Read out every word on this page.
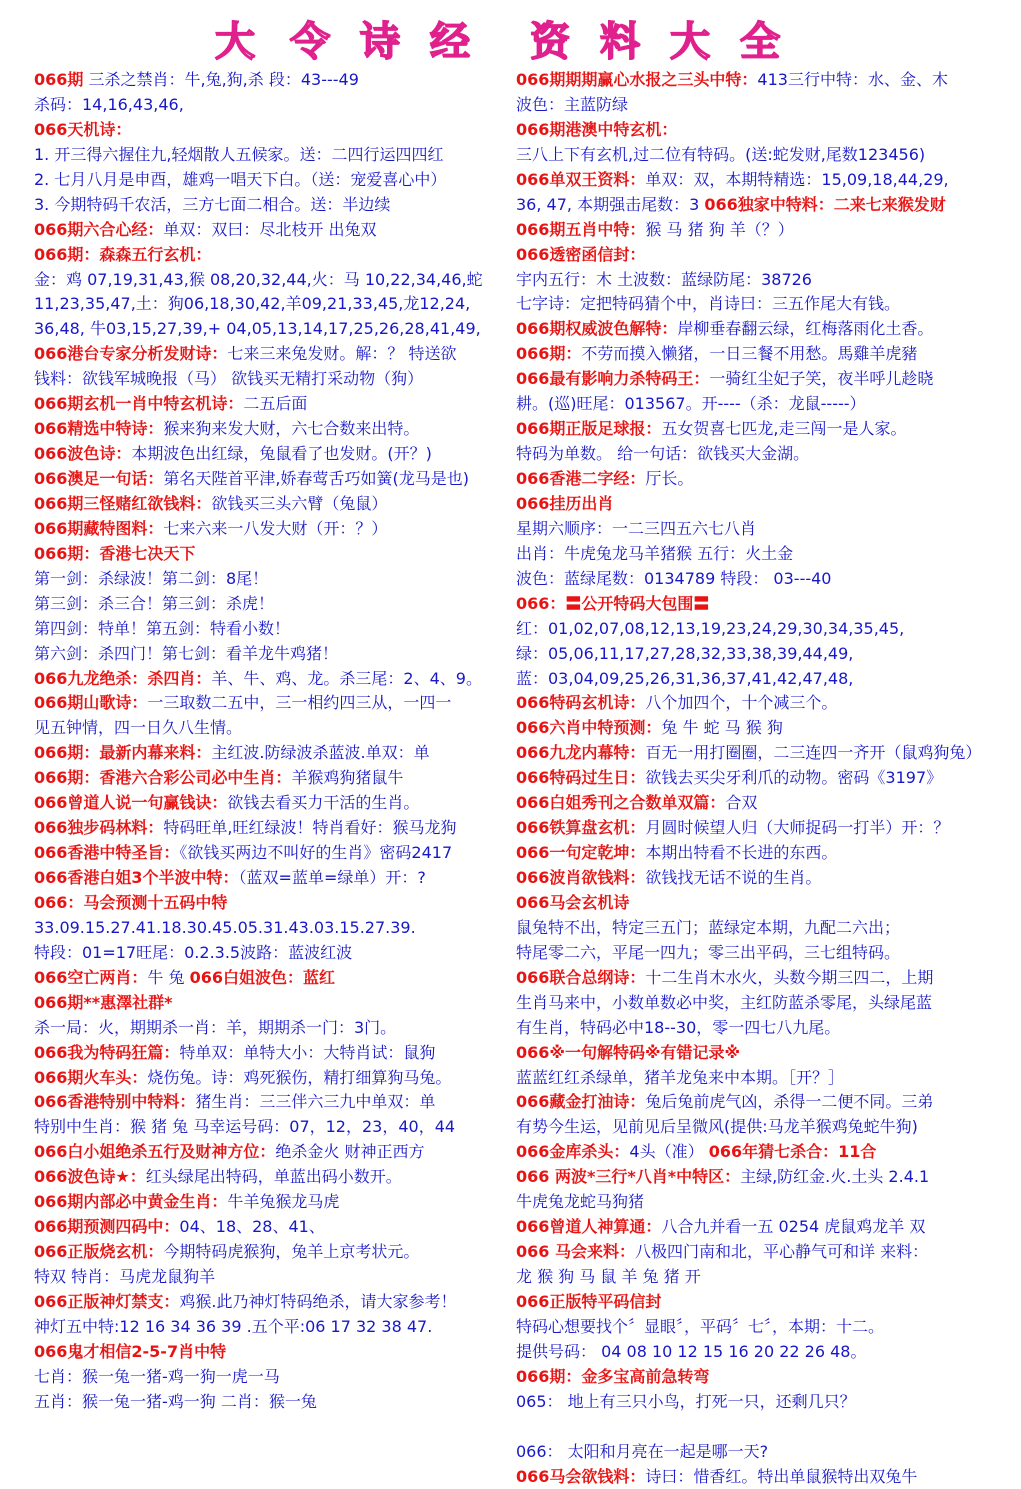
大 令 诗 经 资 料 大 全
066期 三杀之禁肖：牛,兔,狗,杀 段：43---49
杀码：14,16,43,46,
066天机诗：
1. 开三得六握住九,轻烟散人五候家。送：二四行运四四红
2. 七月八月是申酉，雄鸡一唱天下白。（送：宠爱喜心中）
3. 今期特码千农活，三方七面二相合。送：半边续
066期六合心经：单双：双曰：尽北枝开 出兔双
066期：森森五行玄机：
金：鸡 07,19,31,43,猴 08,20,32,44,火：马 10,22,34,46,蛇
11,23,35,47,土：狗06,18,30,42,羊09,21,33,45,龙12,24,
36,48, 牛03,15,27,39,+ 04,05,13,14,17,25,26,28,41,49,
066港台专家分析发财诗：七来三来兔发财。解：？ 特送欲
钱料：欲钱军城晚报（马） 欲钱买无精打采动物（狗）
066期玄机一肖中特玄机诗：二五后面
066精选中特诗：猴来狗来发大财，六七合数来出特。
066波色诗：本期波色出红绿，兔鼠看了也发财。(开？)
066澳足一句话：第名天陛首平津,娇春莺舌巧如簧(龙马是也)
066期三怪赌红欲钱料：欲钱买三头六臂（兔鼠）
066期藏特图料：七来六来一八发大财（开：？）
066期：香港七决天下
第一剑：杀绿波！第二剑：8尾！
第三剑：杀三合！第三剑：杀虎！
第四剑：特单！第五剑：特看小数！
第六剑：杀四门！第七剑：看羊龙牛鸡猪！
066九龙绝杀：杀四肖：羊、牛、鸡、龙。杀三尾：2、4、9。
066期山歌诗：一三取数二五中，三一相约四三从，一四一
见五钟情，四一日久八生情。
066期：最新内幕来料：主红波.防绿波杀蓝波.单双：单
066期：香港六合彩公司必中生肖：羊猴鸡狗猪鼠牛
066曾道人说一句赢钱诀：欲钱去看买力干活的生肖。
066独步码林料：特码旺单,旺红绿波！特肖看好：猴马龙狗
066香港中特圣旨：《欲钱买两边不叫好的生肖》密码2417
066香港白姐3个半波中特：（蓝双=蓝单=绿单）开：?
066：马会预测十五码中特
33.09.15.27.41.18.30.45.05.31.43.03.15.27.39.
特段：01=17旺尾：0.2.3.5波路：蓝波红波
066空亡两肖：牛 兔 066白姐波色：蓝红
066期**惠澤社群*
杀一局：火，期期杀一肖：羊，期期杀一门：3门。
066我为特码狂篇：特单双：单特大小：大特肖试：鼠狗
066期火车头：烧伤兔。诗：鸡死猴伤，精打细算狗马兔。
066香港特别中特料：猪生肖：三三伴六三九中单双：单
特别中生肖：猴 猪 兔 马幸运号码：07，12，23，40，44
066白小姐绝杀五行及财神方位：绝杀金火 财神正西方
066波色诗★：红头绿尾出特码，单蓝出码小数开。
066期内部必中黄金生肖：牛羊兔猴龙马虎
066期预测四码中：04、18、28、41、
066正版烧玄机：今期特码虎猴狗，兔羊上京考状元。
特双 特肖：马虎龙鼠狗羊
066正版神灯禁支：鸡猴.此乃神灯特码绝杀，请大家参考！
神灯五中特:12 16 34 36 39 .五个平:06 17 32 38 47.
066鬼才相信2-5-7肖中特
七肖：猴一兔一猪-鸡一狗一虎一马
五肖：猴一兔一猪-鸡一狗 二肖：猴一兔
066期期期赢心水报之三头中特：413三行中特：水、金、木
波色：主蓝防绿
066期港澳中特玄机：
三八上下有玄机,过二位有特码。(送:蛇发财,尾数123456)
066单双王资料：单双：双，本期特精选：15,09,18,44,29,
36, 47, 本期强击尾数：3 066独家中特料：二来七来猴发财
066期五肖中特：猴 马 猪 狗 羊（？）
066透密函信封：
宇内五行：木 土波数：蓝绿防尾：38726
七字诗：定把特码猜个中，肖诗曰：三五作尾大有钱。
066期权威波色解特：岸柳垂春翻云绿，红梅落雨化土香。
066期：不劳而摸入懒猪，一日三餐不用愁。馬雞羊虎豬
066最有影响力杀特码王：一骑红尘妃子笑，夜半呼儿趁晓
耕。(巡)旺尾：013567。开----（杀：龙鼠-----）
066期正版足球报：五女贺喜七匹龙,走三闯一是人家。
特码为单数。 给一句话：欲钱买大金湖。
066香港二字经：厅长。
066挂历出肖
星期六顺序：一二三四五六七八肖
出肖：牛虎兔龙马羊猪猴 五行：火土金
波色：蓝绿尾数：0134789 特段： 03---40
066：〓公开特码大包围〓
红：01,02,07,08,12,13,19,23,24,29,30,34,35,45,
绿：05,06,11,17,27,28,32,33,38,39,44,49,
蓝：03,04,09,25,26,31,36,37,41,42,47,48,
066特码玄机诗：八个加四个，十个减三个。
066六肖中特预测：兔 牛 蛇 马 猴 狗
066九龙内幕特：百无一用打圈圈，二三连四一齐开（鼠鸡狗兔）
066特码过生日：欲钱去买尖牙利爪的动物。密码《3197》
066白姐秀刊之合数单双篇：合双
066铁算盘玄机：月圆时候望人归（大师捉码一打半）开：？
066一句定乾坤：本期出特看不长进的东西。
066波肖欲钱料：欲钱找无话不说的生肖。
066马会玄机诗
鼠兔特不出，特定三五门；蓝绿定本期，九配二六出；
特尾零二六，平尾一四九；零三出平码，三七组特码。
066联合总纲诗：十二生肖木水火，头数今期三四二，上期
生肖马来中，小数单数必中奖，主红防蓝杀零尾，头绿尾蓝
有生肖，特码必中18--30，零一四七八九尾。
066※一句解特码※有错记录※
蓝蓝红红杀绿单，猪羊龙兔来中本期。［开？］
066藏金打油诗：兔后兔前虎气凶，杀得一二便不同。三弟
有势今生运，见前见后呈微风(提供:马龙羊猴鸡兔蛇牛狗)
066金库杀头：4头（准） 066年猜七杀合：11合
066 两波*三行*八肖*中特区：主绿,防红金.火.土头 2.4.1
牛虎兔龙蛇马狗猪
066曾道人神算通：八合九并看一五 0254 虎鼠鸡龙羊 双
066 马会来料：八极四门南和北，平心静气可和详 来料：
龙 猴 狗 马 鼠 羊 兔 猪 开
066正版特平码信封
特码心想要找个〞显眼〞，平码〞七〞，本期：十二。
提供号码： 04 08 10 12 15 16 20 22 26 48。
066期：金多宝高前急转弯
065： 地上有三只小鸟，打死一只，还剩几只？
066： 太阳和月亮在一起是哪一天?
066马会欲钱料：诗曰：惜香红。特出单鼠猴特出双兔牛
